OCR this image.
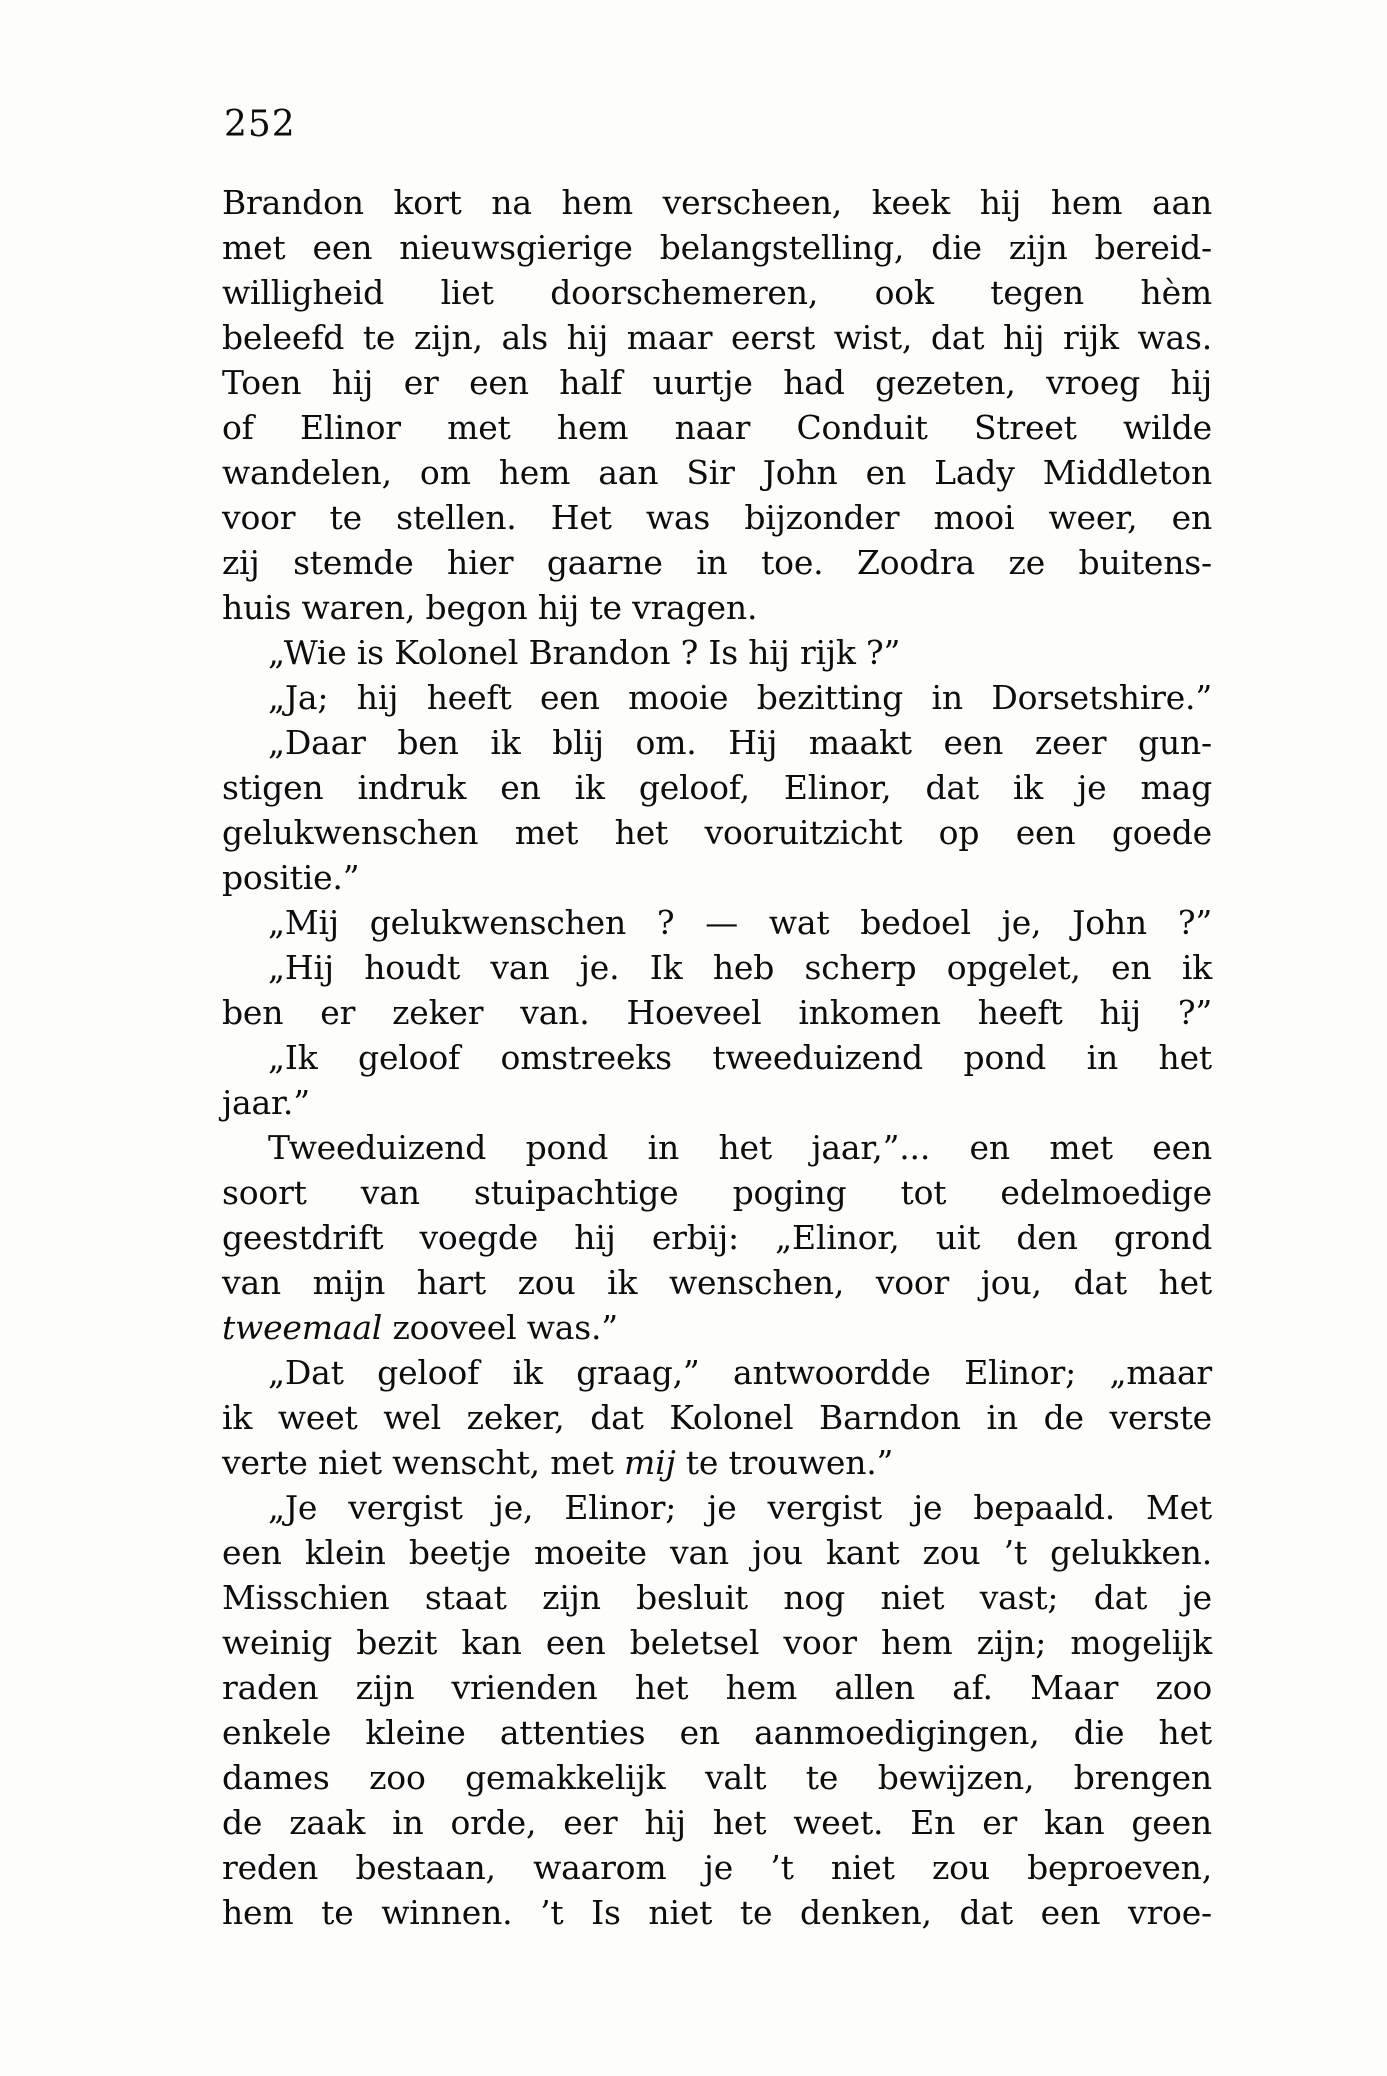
252
Brandon kort na hem verscheen, keek hij hem aan
met een nieuwsgierige belangstelling, die zijn bereid-
willigheid liet doorschemeren, ook tegen hèm
beleefd te zijn, als hij maar eerst wist, dat hij rijk was.
Toen hij er een half uurtje had gezeten, vroeg hij
of Elinor met hem naar Conduit Street wilde
wandelen, om hem aan Sir John en Lady Middleton
voor te stellen. Het was bijzonder mooi weer, en
zij stemde hier gaarne in toe. Zoodra ze buitens-
huis waren, begon hij te vragen.
„Wie is Kolonel Brandon ? Is hij rijk ?”
„Ja; hij heeft een mooie bezitting in Dorsetshire.”
„Daar ben ik blij om. Hij maakt een zeer gun-
stigen indruk en ik geloof, Elinor, dat ik je mag
gelukwenschen met het vooruitzicht op een goede
positie.”
„Mij gelukwenschen ? — wat bedoel je, John ?”
„Hij houdt van je. Ik heb scherp opgelet, en ik
ben er zeker van. Hoeveel inkomen heeft hij ?”
„Ik geloof omstreeks tweeduizend pond in het
jaar.”
Tweeduizend pond in het jaar,”... en met een
soort van stuipachtige poging tot edelmoedige
geestdrift voegde hij erbij: „Elinor, uit den grond
van mijn hart zou ik wenschen, voor jou, dat het
tweemaal zooveel was.”
„Dat geloof ik graag,” antwoordde Elinor; „maar
ik weet wel zeker, dat Kolonel Barndon in de verste
verte niet wenscht, met mij te trouwen.”
„Je vergist je, Elinor; je vergist je bepaald. Met
een klein beetje moeite van jou kant zou ’t gelukken.
Misschien staat zijn besluit nog niet vast; dat je
weinig bezit kan een beletsel voor hem zijn; mogelijk
raden zijn vrienden het hem allen af. Maar zoo
enkele kleine attenties en aanmoedigingen, die het
dames zoo gemakkelijk valt te bewijzen, brengen
de zaak in orde, eer hij het weet. En er kan geen
reden bestaan, waarom je ’t niet zou beproeven,
hem te winnen. ’t Is niet te denken, dat een vroe-
